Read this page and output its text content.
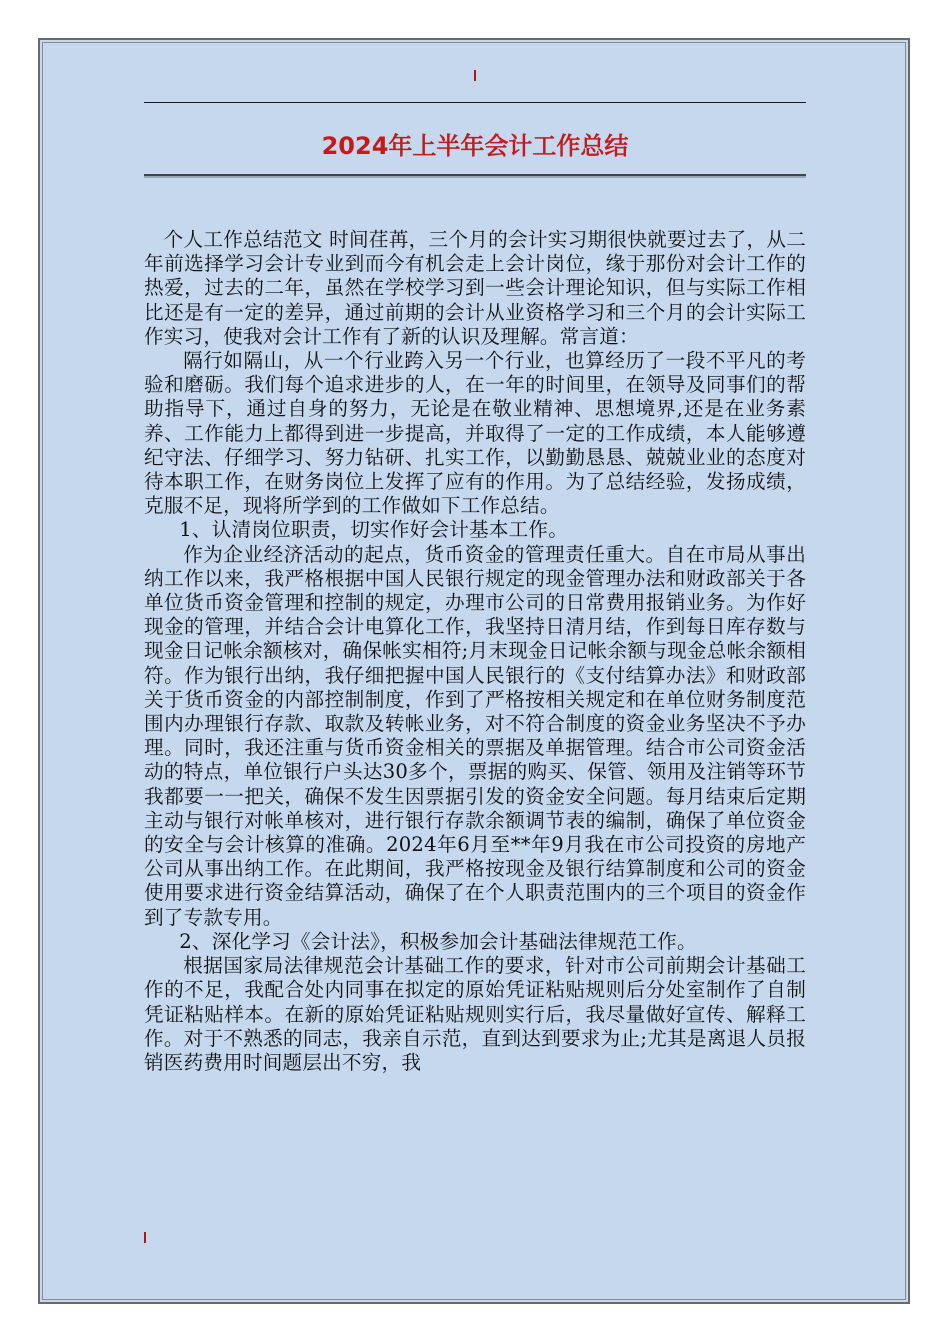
2024年上半年会计工作总结

个人工作总结范文 时间荏苒，三个月的会计实习期很快就要过去了，从二年前选择学习会计专业到而今有机会走上会计岗位，缘于那份对会计工作的热爱，过去的二年，虽然在学校学习到一些会计理论知识，但与实际工作相比还是有一定的差异，通过前期的会计从业资格学习和三个月的会计实际工作实习，使我对会计工作有了新的认识及理解。常言道：

隔行如隔山，从一个行业跨入另一个行业，也算经历了一段不平凡的考验和磨砺。我们每个追求进步的人，在一年的时间里，在领导及同事们的帮助指导下，通过自身的努力，无论是在敬业精神、思想境界,还是在业务素养、工作能力上都得到进一步提高，并取得了一定的工作成绩，本人能够遵纪守法、仔细学习、努力钻研、扎实工作，以勤勤恳恳、兢兢业业的态度对待本职工作，在财务岗位上发挥了应有的作用。为了总结经验，发扬成绩，克服不足，现将所学到的工作做如下工作总结。

1、认清岗位职责，切实作好会计基本工作。

作为企业经济活动的起点，货币资金的管理责任重大。自在市局从事出纳工作以来，我严格根据中国人民银行规定的现金管理办法和财政部关于各单位货币资金管理和控制的规定，办理市公司的日常费用报销业务。为作好现金的管理，并结合会计电算化工作，我坚持日清月结，作到每日库存数与现金日记帐余额核对，确保帐实相符;月末现金日记帐余额与现金总帐余额相符。作为银行出纳，我仔细把握中国人民银行的《支付结算办法》和财政部关于货币资金的内部控制制度，作到了严格按相关规定和在单位财务制度范围内办理银行存款、取款及转帐业务，对不符合制度的资金业务坚决不予办理。同时，我还注重与货币资金相关的票据及单据管理。结合市公司资金活动的特点，单位银行户头达30多个，票据的购买、保管、领用及注销等环节我都要一一把关，确保不发生因票据引发的资金安全问题。每月结束后定期主动与银行对帐单核对，进行银行存款余额调节表的编制，确保了单位资金的安全与会计核算的准确。2024年6月至**年9月我在市公司投资的房地产公司从事出纳工作。在此期间，我严格按现金及银行结算制度和公司的资金使用要求进行资金结算活动，确保了在个人职责范围内的三个项目的资金作到了专款专用。

2、深化学习《会计法》，积极参加会计基础法律规范工作。

根据国家局法律规范会计基础工作的要求，针对市公司前期会计基础工作的不足，我配合处内同事在拟定的原始凭证粘贴规则后分处室制作了自制凭证粘贴样本。在新的原始凭证粘贴规则实行后，我尽量做好宣传、解释工作。对于不熟悉的同志，我亲自示范，直到达到要求为止;尤其是离退人员报销医药费用时间题层出不穷，我
